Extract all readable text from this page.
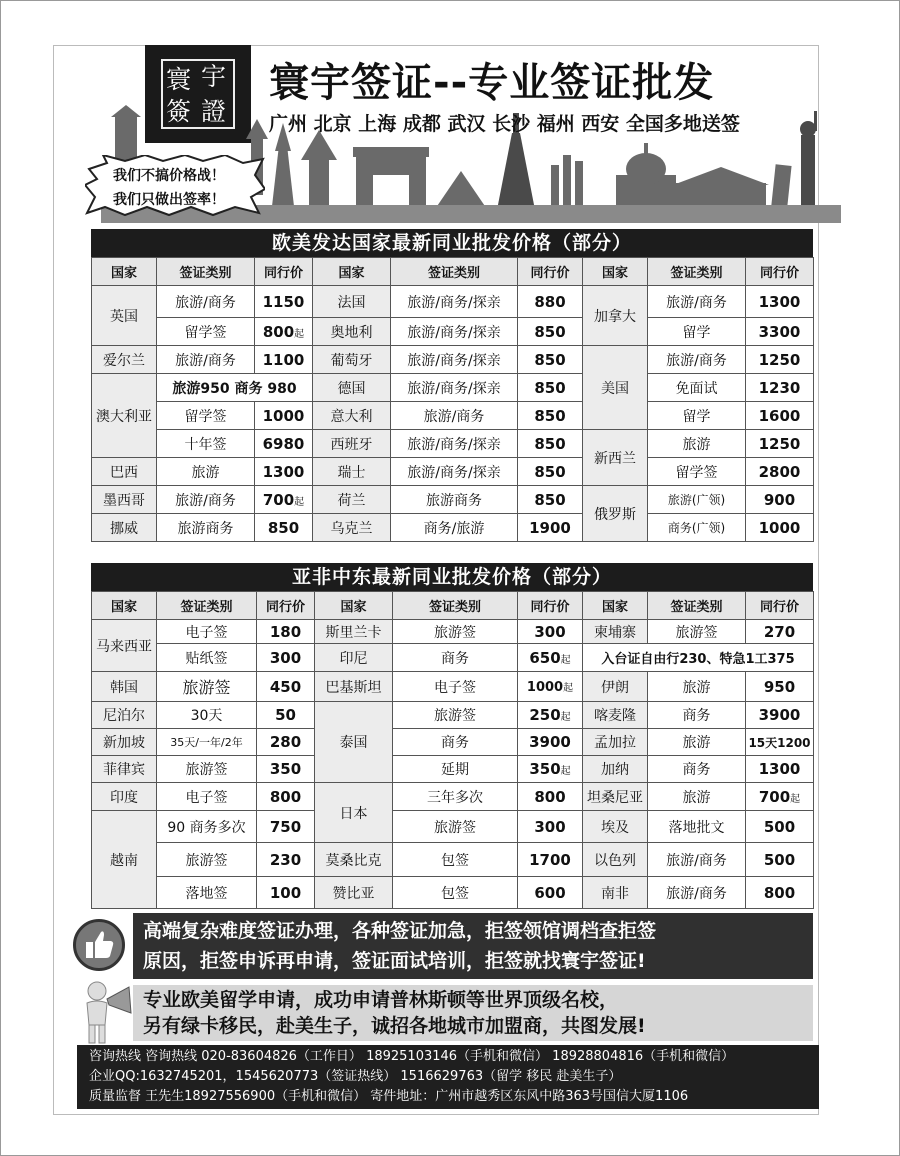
寰 宇
簽 證
寰宇签证--专业签证批发
广州 北京 上海 成都 武汉 长沙 福州 西安 全国多地送签
我们不搞价格战！
我们只做出签率！
欧美发达国家最新同业批发价格（部分）
国家	签证类别	同行价	国家	签证类别	同行价	国家	签证类别	同行价
英国	旅游/商务	1150	法国	旅游/商务/探亲	880	加拿大	旅游/商务	1300
	留学签	800起	奥地利	旅游/商务/探亲	850		留学	3300
爱尔兰	旅游/商务	1100	葡萄牙	旅游/商务/探亲	850	美国	旅游/商务	1250
澳大利亚	旅游950 商务 980		德国	旅游/商务/探亲	850		免面试	1230
	留学签	1000	意大利	旅游/商务	850		留学	1600
	十年签	6980	西班牙	旅游/商务/探亲	850	新西兰	旅游	1250
巴西	旅游	1300	瑞士	旅游/商务/探亲	850		留学签	2800
墨西哥	旅游/商务	700起	荷兰	旅游商务	850	俄罗斯	旅游(广领)	900
挪威	旅游商务	850	乌克兰	商务/旅游	1900		商务(广领)	1000
亚非中东最新同业批发价格（部分）
国家	签证类别	同行价	国家	签证类别	同行价	国家	签证类别	同行价
马来西亚	电子签	180	斯里兰卡	旅游签	300	柬埔寨	旅游签	270
	贴纸签	300	印尼	商务	650起	入台证自由行230、特急1工375		
韩国	旅游签	450	巴基斯坦	电子签	1000起	伊朗	旅游	950
尼泊尔	30天	50	泰国	旅游签	250起	喀麦隆	商务	3900
新加坡	35天/一年/2年	280		商务	3900	孟加拉	旅游	15天1200
菲律宾	旅游签	350		延期	350起	加纳	商务	1300
印度	电子签	800	日本	三年多次	800	坦桑尼亚	旅游	700起
越南	90 商务多次	750		旅游签	300	埃及	落地批文	500
	旅游签	230	莫桑比克	包签	1700	以色列	旅游/商务	500
	落地签	100	赞比亚	包签	600	南非	旅游/商务	800
高端复杂难度签证办理，各种签证加急，拒签领馆调档查拒签
原因，拒签申诉再申请，签证面试培训，拒签就找寰宇签证!
专业欧美留学申请，成功申请普林斯顿等世界顶级名校，
另有绿卡移民，赴美生子，诚招各地城市加盟商，共图发展!
咨询热线 咨询热线 020-83604826（工作日） 18925103146（手机和微信） 18928804816（手机和微信）
企业QQ:1632745201，1545620773（签证热线） 1516629763（留学 移民 赴美生子）
质量监督 王先生18927556900（手机和微信） 寄件地址：广州市越秀区东风中路363号国信大厦1106
